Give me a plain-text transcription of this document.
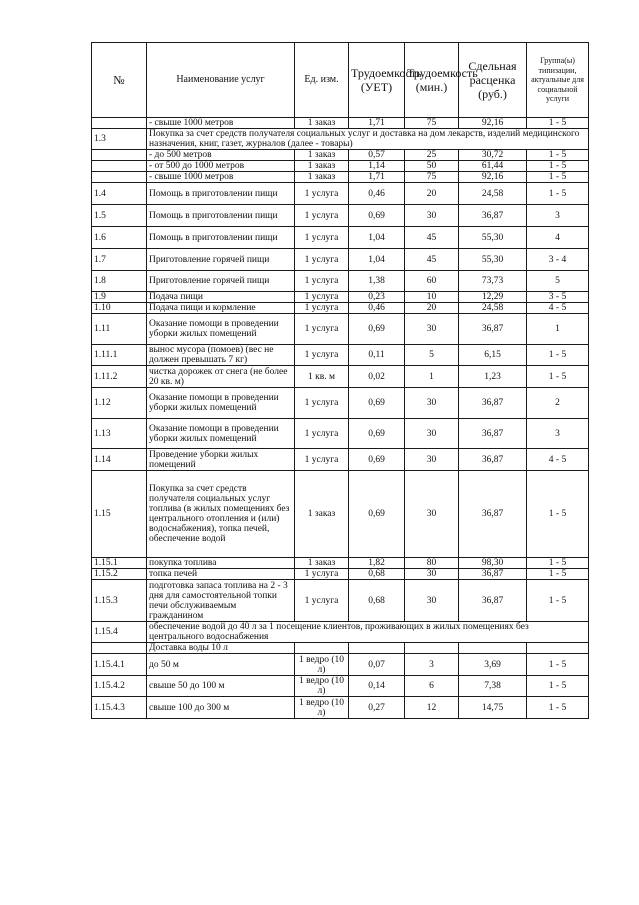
№	Наименование услуг	Ед. изм.	Трудоемкость (УЕТ)	Трудоемкость (мин.)	Сдельная расценка (руб.)	Группа(ы) типизации, актуальные для социальной услуги
	- свыше 1000 метров	1 заказ	1,71	75	92,16	1 - 5
1.3	Покупка за счет средств получателя социальных услуг и доставка на дом лекарств, изделий медицинского назначения, книг, газет, журналов (далее - товары)					
	- до 500 метров	1 заказ	0,57	25	30,72	1 - 5
	- от 500 до 1000 метров	1 заказ	1,14	50	61,44	1 - 5
	- свыше 1000 метров	1 заказ	1,71	75	92,16	1 - 5
1.4	Помощь в приготовлении пищи	1 услуга	0,46	20	24,58	1 - 5
1.5	Помощь в приготовлении пищи	1 услуга	0,69	30	36,87	3
1.6	Помощь в приготовлении пищи	1 услуга	1,04	45	55,30	4
1.7	Приготовление горячей пищи	1 услуга	1,04	45	55,30	3 - 4
1.8	Приготовление горячей пищи	1 услуга	1,38	60	73,73	5
1.9	Подача пищи	1 услуга	0,23	10	12,29	3 - 5
1.10	Подача пищи и кормление	1 услуга	0,46	20	24,58	4 - 5
1.11	Оказание помощи в проведении уборки жилых помещений	1 услуга	0,69	30	36,87	1
1.11.1	вынос мусора (помоев) (вес не должен превышать 7 кг)	1 услуга	0,11	5	6,15	1 - 5
1.11.2	чистка дорожек от снега (не более 20 кв. м)	1 кв. м	0,02	1	1,23	1 - 5
1.12	Оказание помощи в проведении уборки жилых помещений	1 услуга	0,69	30	36,87	2
1.13	Оказание помощи в проведении уборки жилых помещений	1 услуга	0,69	30	36,87	3
1.14	Проведение уборки жилых помещений	1 услуга	0,69	30	36,87	4 - 5
1.15	Покупка за счет средств получателя социальных услуг топлива (в жилых помещениях без центрального отопления и (или) водоснабжения), топка печей, обеспечение водой	1 заказ	0,69	30	36,87	1 - 5
1.15.1	покупка топлива	1 заказ	1,82	80	98,30	1 - 5
1.15.2	топка печей	1 услуга	0,68	30	36,87	1 - 5
1.15.3	подготовка запаса топлива на 2 - 3 дня для самостоятельной топки печи обслуживаемым гражданином	1 услуга	0,68	30	36,87	1 - 5
1.15.4	обеспечение водой до 40 л за 1 посещение клиентов, проживающих в жилых помещениях без центрального водоснабжения					
	Доставка воды 10 л					
1.15.4.1	до 50 м	1 ведро (10 л)	0,07	3	3,69	1 - 5
1.15.4.2	свыше 50 до 100 м	1 ведро (10 л)	0,14	6	7,38	1 - 5
1.15.4.3	свыше 100 до 300 м	1 ведро (10 л)	0,27	12	14,75	1 - 5
